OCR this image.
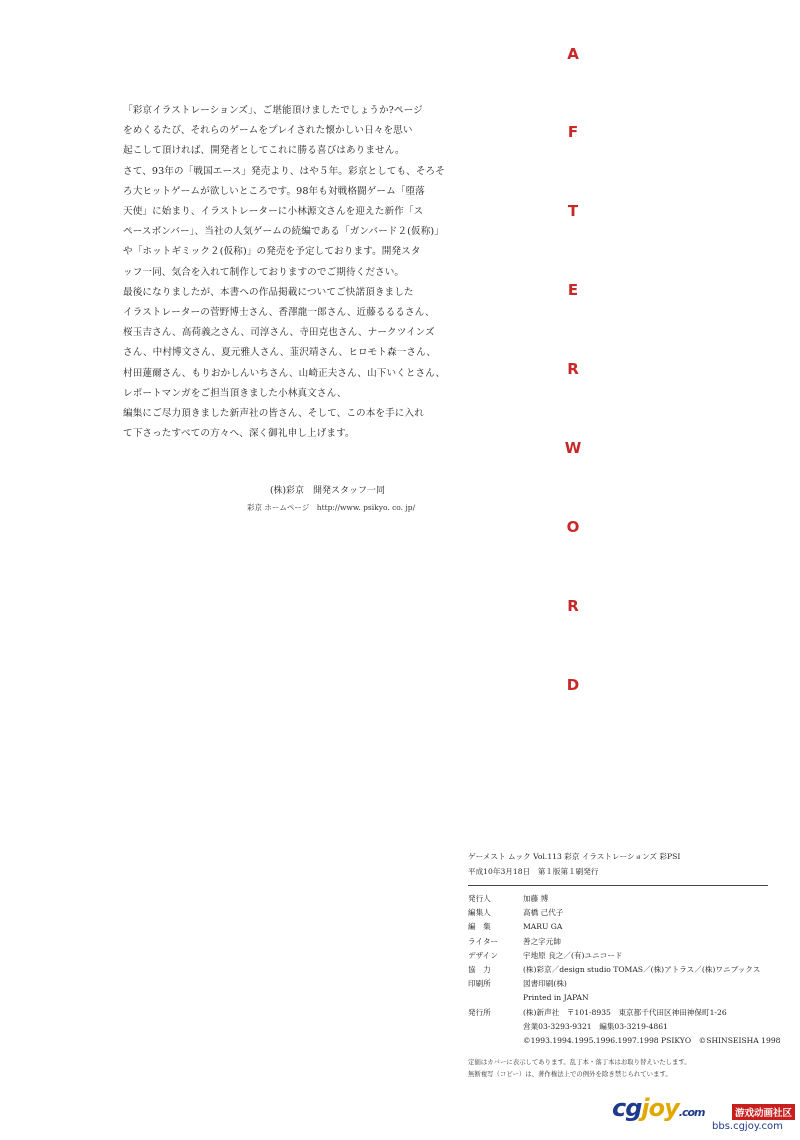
「彩京イラストレーションズ」、ご堪能頂けましたでしょうか?ページ

をめくるたび、それらのゲームをプレイされた懐かしい日々を思い

起こして頂ければ、開発者としてこれに勝る喜びはありません。

さて、93年の「戦国エース」発売より、はや５年。彩京としても、そろそ

ろ大ヒットゲームが欲しいところです。98年も対戦格闘ゲーム「堕落

天使」に始まり、イラストレーターに小林源文さんを迎えた新作「ス

ペースボンバー」、当社の人気ゲームの続編である「ガンバード２(仮称)」

や「ホットギミック２(仮称)」の発売を予定しております。開発スタ

ッフ一同、気合を入れて制作しておりますのでご期待ください。

最後になりましたが、本書への作品掲載についてご快諾頂きました

イラストレーターの菅野博士さん、香澤龍一郎さん、近藤るるるさん、

桜玉吉さん、高荷義之さん、司淳さん、寺田克也さん、ナークツインズ

さん、中村博文さん、夏元雅人さん、韮沢靖さん、ヒロモト森一さん、

村田蓮爾さん、もりおかしんいちさん、山崎正夫さん、山下いくとさん、

レポートマンガをご担当頂きました小林真文さん、

編集にご尽力頂きました新声社の皆さん、そして、この本を手に入れ

て下さったすべての方々へ、深く御礼申し上げます。

(株)彩京　開発スタッフ一同
彩京 ホームページ　http://www. psikyo. co. jp/
A
F
T
E
R
W
O
R
D
ゲーメスト ムック Vol.113 彩京 イラストレーションズ 彩PSI
平成10年3月18日　第１版第１刷発行
発行人	加藤 博
編集人	高橋 己代子
編　集	MARU GA
ライター	善之字元帥
デザイン	宇地原 良之／(有)ユニコード
協　力	(株)彩京／design studio TOMAS／(株)アトラス／(株)ワニブックス
印刷所	図書印刷(株)
Printed in JAPAN
発行所	(株)新声社　〒101-8935　東京都千代田区神田神保町1-26
営業03-3293-9321　編集03-3219-4861
©1993.1994.1995.1996.1997.1998 PSIKYO　©SHINSEISHA 1998
定価はカバーに表示してあります。乱丁本・落丁本はお取り替えいたします。
無断複写（コピー）は、著作権法上での例外を除き禁じられています。
cgjoy.com	游戏动画社区
bbs.cgjoy.com
